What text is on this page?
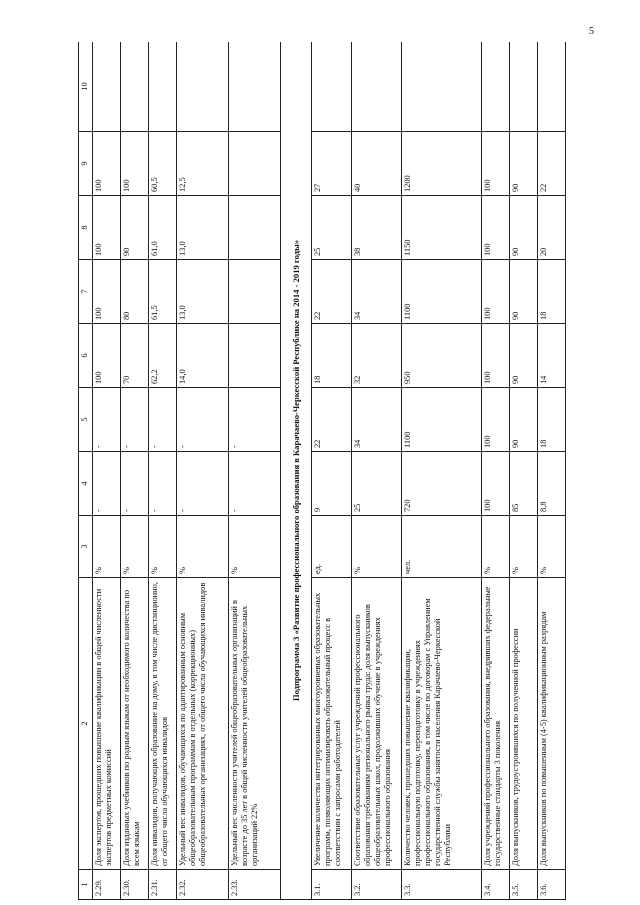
5
1	2	3	4	5	6	7	8	9	10
2.29.	Доля экспертов, прошедших повышение квалификации в общей численности экспертов предметных комиссий	%	-	-	100	100	100	100	
2.30.	Доля изданных учебников по родным языкам от необходимого количества по всем языкам	%	-	-	70	80	90	100	
2.31.	Доля инвалидов, получающих образование на дому, в том числе дистанционно, от общего числа обучающихся инвалидов	%	-	-	62,2	61,5	61,0	60,5	
2.32.	Удельный вес инвалидов, обучающихся по адаптированным основным общеобразовательным программам в отдельных (коррекционных) общеобразовательных организациях, от общего числа обучающихся инвалидов	%	-	-	14,0	13,0	13,0	12,5	
2.33.	Удельный вес численности учителей общеобразовательных организаций в возрасте до 35 лет в общей численности учителей общеобразовательных организаций 22%	%	-	-					
Подпрограмма 3 «Развитие профессионального образования в Карачаево-Черкесской Республике на 2014 - 2019 годы»									
3.1.	Увеличение количества интегрированных многоуровневых образовательных программ, позволяющих оптимизировать образовательный процесс в соответствии с запросами работодателей	ед.	9	22	18	22	25	27	
3.2.	Соответствие образовательных услуг учреждений профессионального образования требованиям регионального рынка труда: доля выпускников общеобразовательных школ, продолживших обучение в учреждениях профессионального образования	%	25	34	32	34	38	40	
3.3.	Количество человек, прошедших повышение квалификации, профессиональную подготовку, переподготовку в учреждениях профессионального образования, в том числе по договорам с Управлением государственной службы занятости населения Карачаево-Черкесской Республики	чел.	720	1100	950	1100	1150	1200	
3.4.	Доля учреждений профессионального образования, внедривших федеральные государственные стандарты 3 поколения	%	100	100	100	100	100	100	
3.5.	Доля выпускников, трудоустроившихся по полученной профессии	%	85	90	90	90	90	90	
3.6.	Доля выпускников по повышенным (4-5) квалификационным разрядам	%	8,8	18	14	18	20	22	
